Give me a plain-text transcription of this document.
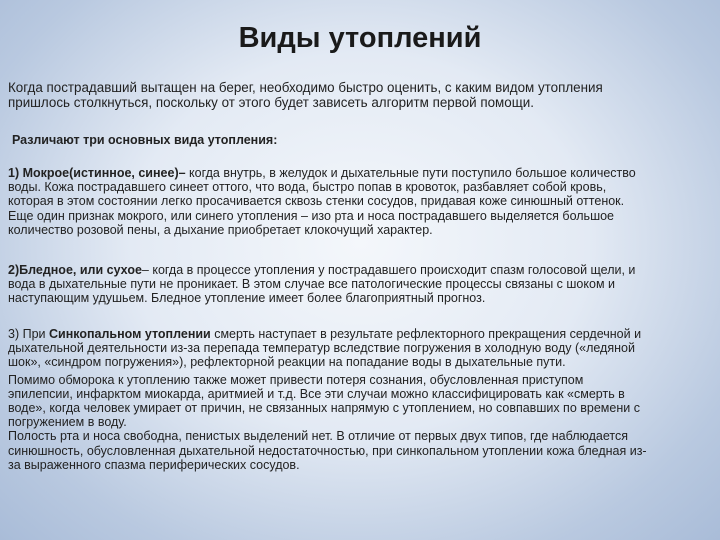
Виды утоплений
Когда пострадавший вытащен на берег, необходимо быстро оценить, с каким видом утопления
пришлось столкнуться, поскольку от этого будет зависеть алгоритм первой помощи.
Различают три основных вида утопления:
1) Мокрое(истинное, синее)– когда внутрь, в желудок и дыхательные пути поступило большое количество
воды. Кожа пострадавшего синеет оттого, что вода, быстро попав в кровоток, разбавляет собой кровь,
которая в этом состоянии легко просачивается сквозь стенки сосудов, придавая коже синюшный оттенок.
Еще один признак мокрого, или синего утопления – изо рта и носа пострадавшего выделяется большое
количество розовой пены, а дыхание приобретает клокочущий характер.
2)Бледное, или сухое– когда в процессе утопления у пострадавшего происходит спазм голосовой щели, и
вода в дыхательные пути не проникает. В этом случае все патологические процессы связаны с шоком и
наступающим удушьем. Бледное утопление имеет более благоприятный прогноз.
3) При Синкопальном утоплении смерть наступает в результате рефлекторного прекращения сердечной и
дыхательной деятельности из-за перепада температур вследствие погружения в холодную воду («ледяной
шок», «синдром погружения»), рефлекторной реакции на попадание воды в дыхательные пути.
Помимо обморока к утоплению также может привести потеря сознания, обусловленная приступом
эпилепсии, инфарктом миокарда, аритмией и т.д. Все эти случаи можно классифицировать как «смерть в
воде», когда человек умирает от причин, не связанных напрямую с утоплением, но совпавших по времени с
погружением в воду.
Полость рта и носа свободна, пенистых выделений нет. В отличие от первых двух типов, где наблюдается
синюшность, обусловленная дыхательной недостаточностью, при синкопальном утоплении кожа бледная из-
за выраженного спазма периферических сосудов.
